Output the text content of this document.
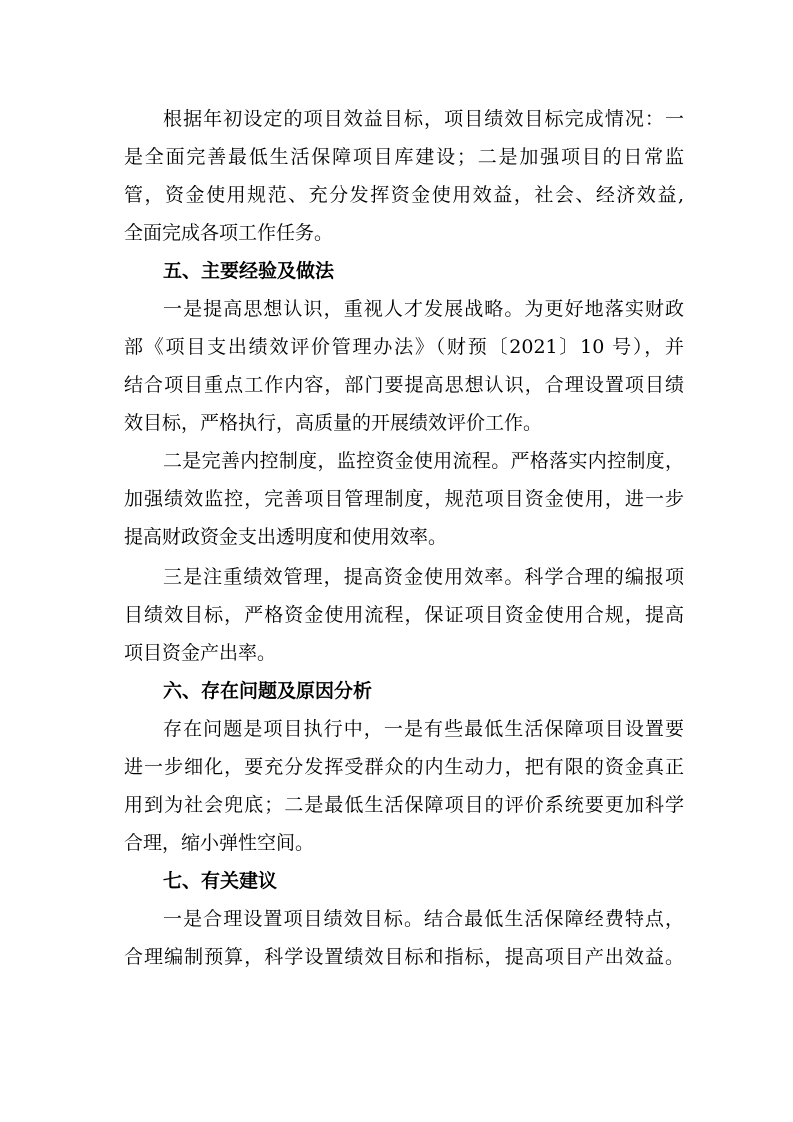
根据年初设定的项目效益目标，项目绩效目标完成情况：一
是全面完善最低生活保障项目库建设；二是加强项目的日常监
管，资金使用规范、充分发挥资金使用效益，社会、经济效益,
全面完成各项工作任务。
五、主要经验及做法
一是提高思想认识，重视人才发展战略。为更好地落实财政
部《项目支出绩效评价管理办法》（财预〔2021〕10 号），并
结合项目重点工作内容，部门要提高思想认识，合理设置项目绩
效目标，严格执行，高质量的开展绩效评价工作。
二是完善内控制度，监控资金使用流程。严格落实内控制度，
加强绩效监控，完善项目管理制度，规范项目资金使用，进一步
提高财政资金支出透明度和使用效率。
三是注重绩效管理，提高资金使用效率。科学合理的编报项
目绩效目标，严格资金使用流程，保证项目资金使用合规，提高
项目资金产出率。
六、存在问题及原因分析
存在问题是项目执行中，一是有些最低生活保障项目设置要
进一步细化，要充分发挥受群众的内生动力，把有限的资金真正
用到为社会兜底；二是最低生活保障项目的评价系统要更加科学
合理，缩小弹性空间。
七、有关建议
一是合理设置项目绩效目标。结合最低生活保障经费特点，
合理编制预算，科学设置绩效目标和指标，提高项目产出效益。
